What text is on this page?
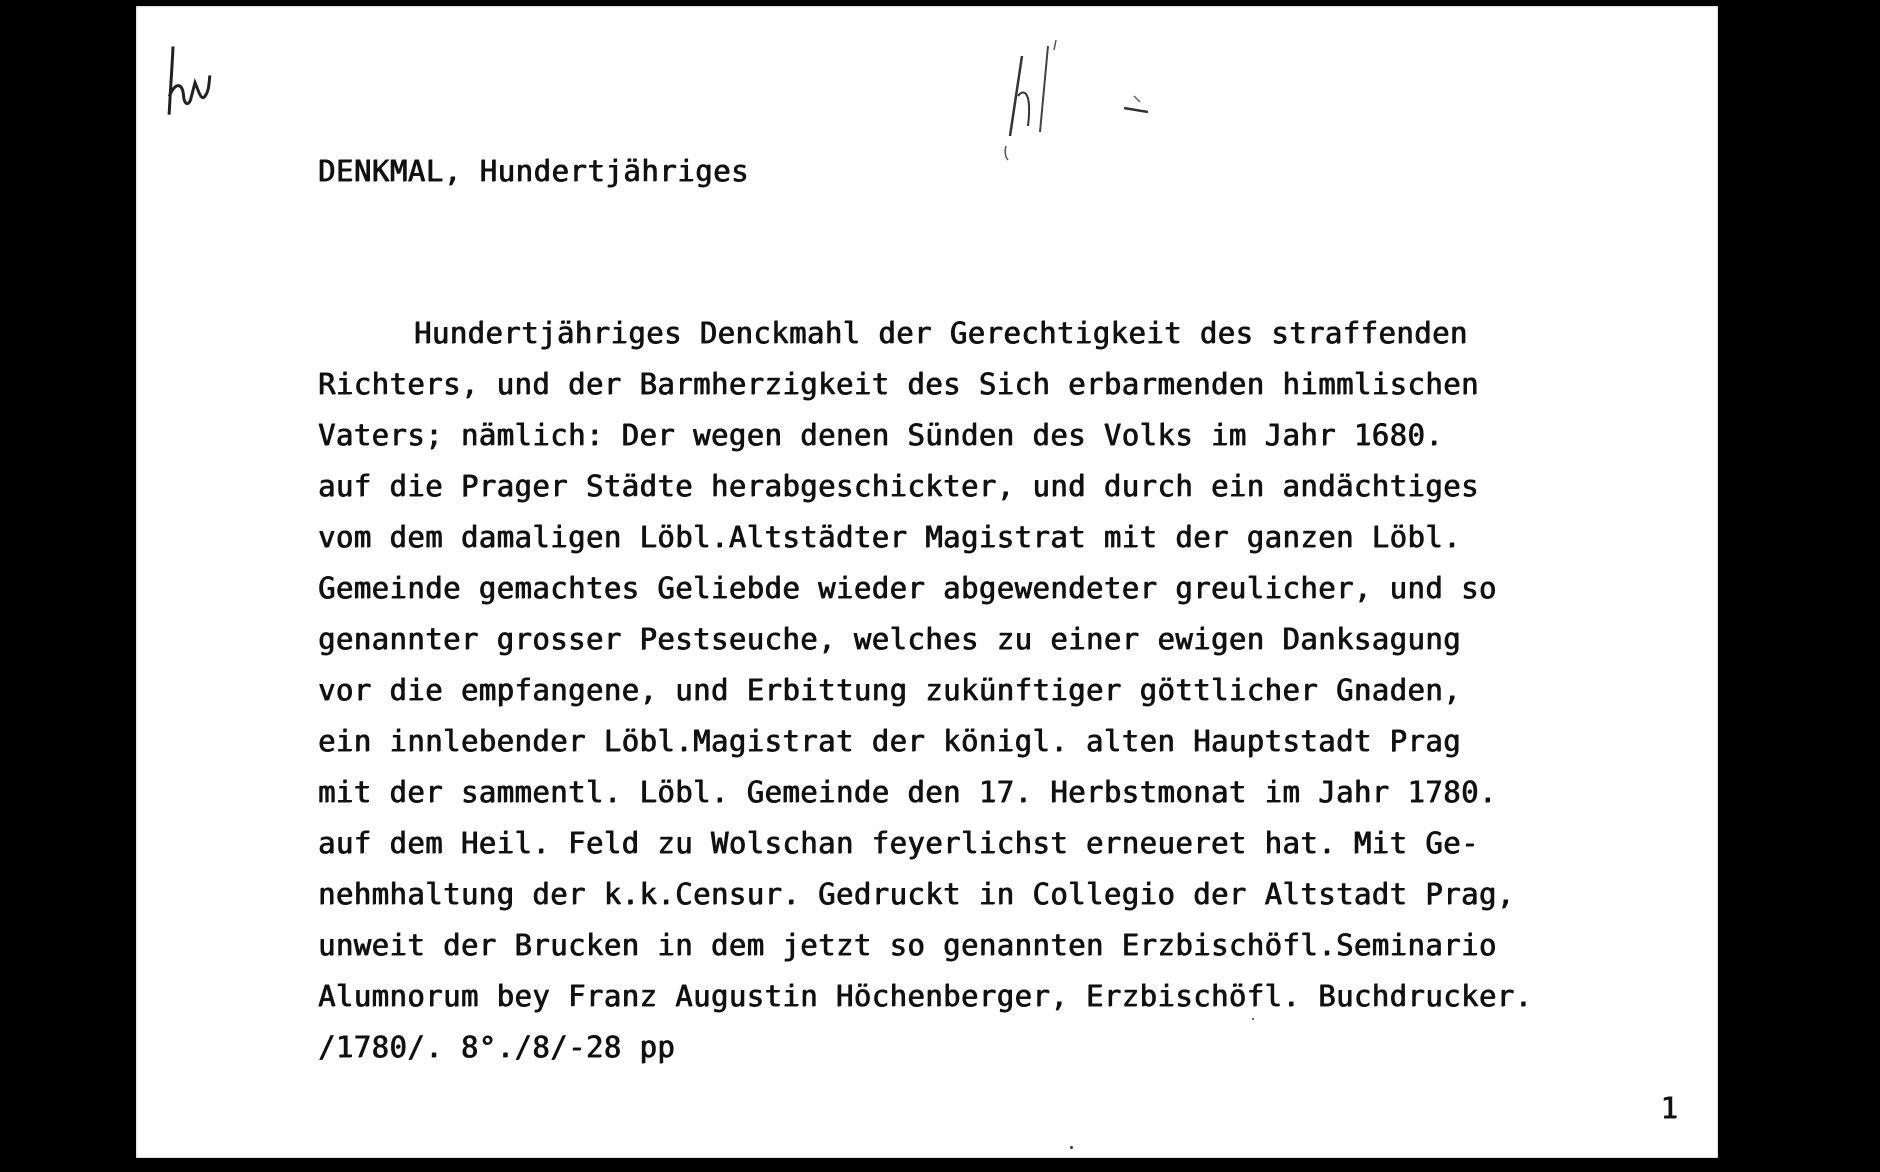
DENKMAL, Hundertjähriges
Hundertjähriges Denckmahl der Gerechtigkeit des straffenden
Richters, und der Barmherzigkeit des Sich erbarmenden himmlischen
Vaters; nämlich: Der wegen denen Sünden des Volks im Jahr 1680.
auf die Prager Städte herabgeschickter, und durch ein andächtiges
vom dem damaligen Löbl.Altstädter Magistrat mit der ganzen Löbl.
Gemeinde gemachtes Geliebde wieder abgewendeter greulicher, und so
genannter grosser Pestseuche, welches zu einer ewigen Danksagung
vor die empfangene, und Erbittung zukünftiger göttlicher Gnaden,
ein innlebender Löbl.Magistrat der königl. alten Hauptstadt Prag
mit der sammentl. Löbl. Gemeinde den 17. Herbstmonat im Jahr 1780.
auf dem Heil. Feld zu Wolschan feyerlichst erneueret hat. Mit Ge-
nehmhaltung der k.k.Censur. Gedruckt in Collegio der Altstadt Prag,
unweit der Brucken in dem jetzt so genannten Erzbischöfl.Seminario
Alumnorum bey Franz Augustin Höchenberger, Erzbischöfl. Buchdrucker.
/1780/. 8°./8/-28 pp
1
